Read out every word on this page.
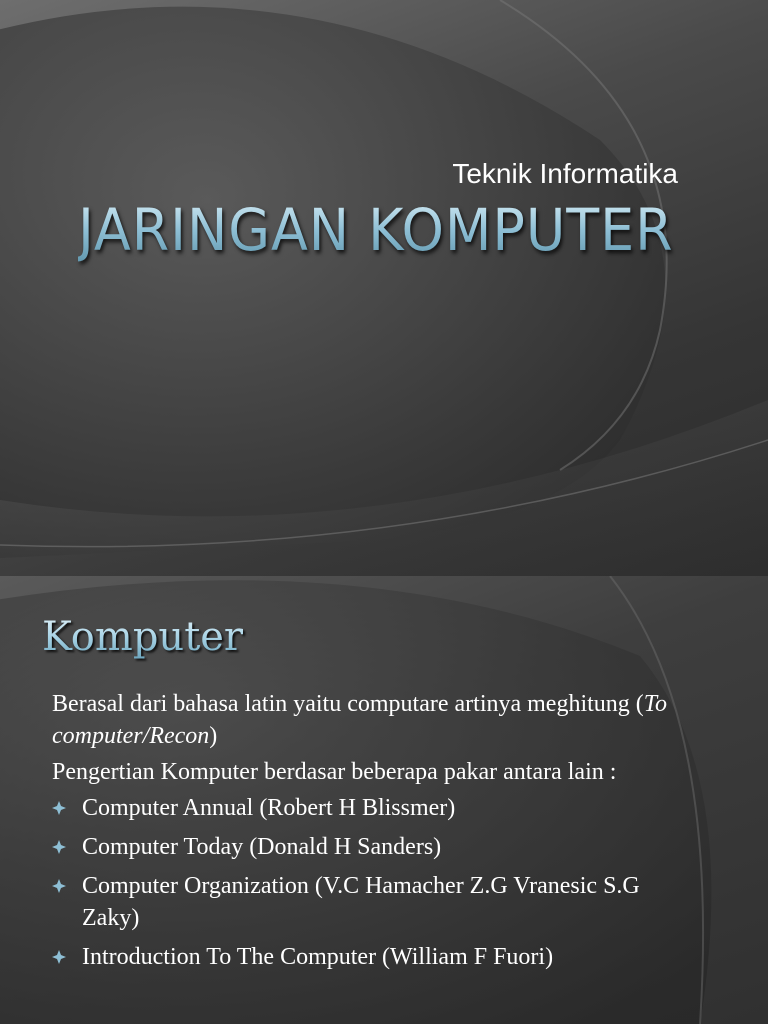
Teknik Informatika
JARINGAN KOMPUTER
Komputer

Berasal dari bahasa latin yaitu computare artinya meghitung (To computer/Recon)

Pengertian Komputer berdasar beberapa pakar antara lain :

Computer Annual (Robert H Blissmer)
Computer Today (Donald H Sanders)
Computer Organization (V.C Hamacher Z.G Vranesic S.G Zaky)
Introduction To The Computer (William F Fuori)
